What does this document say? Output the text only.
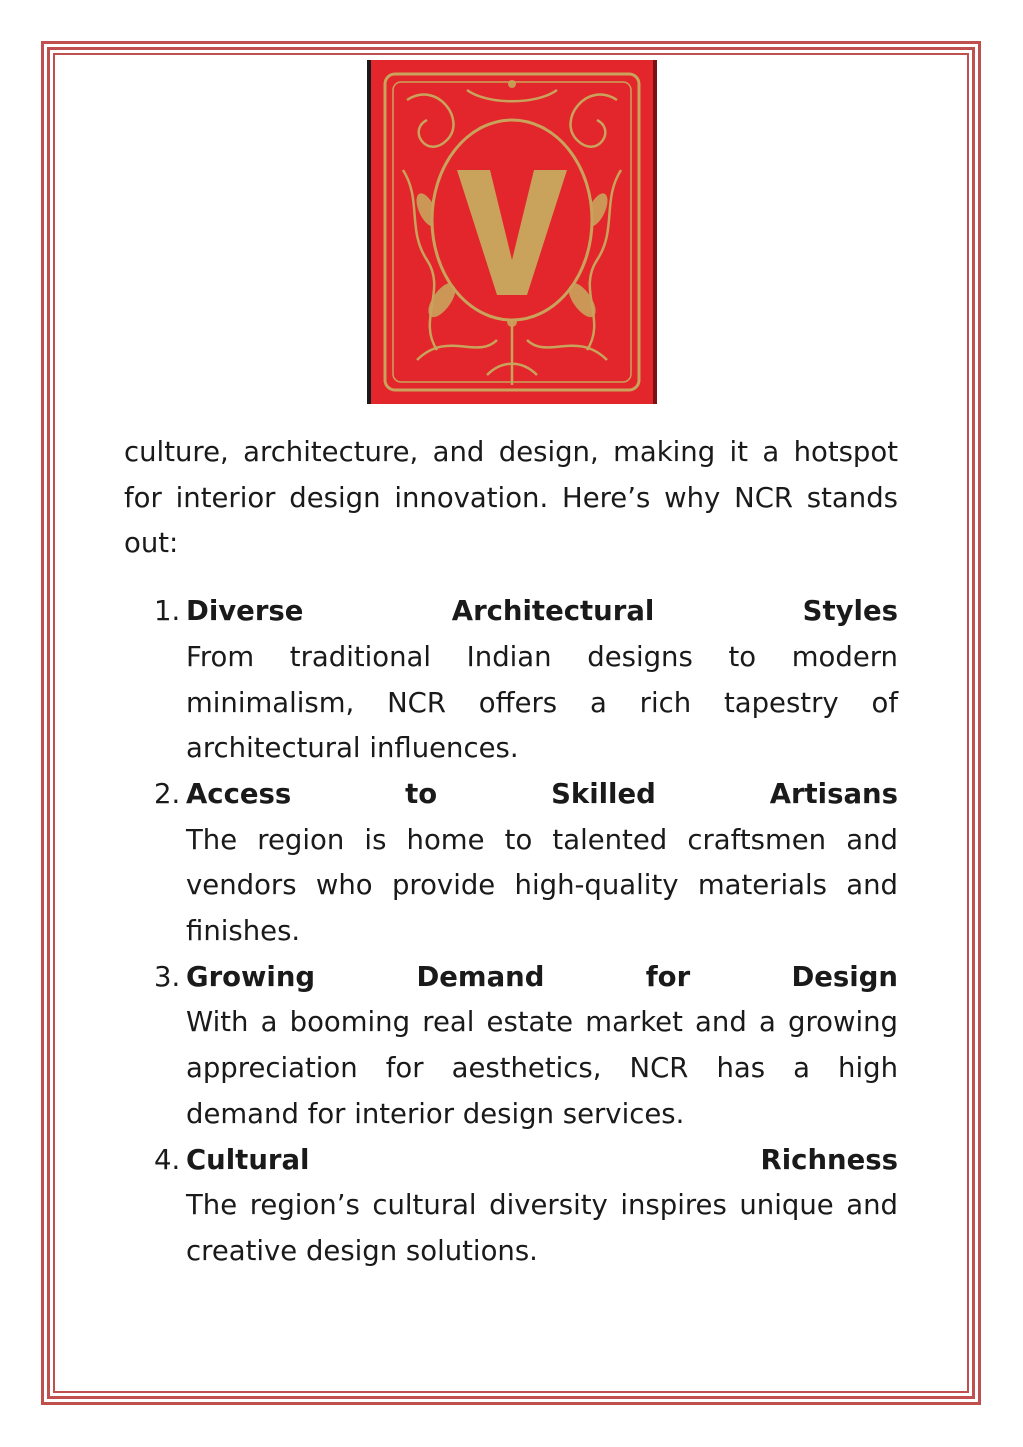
culture, architecture, and design, making it a hotspot for interior design innovation. Here’s why NCR stands out:

1. Diverse Architectural Styles
From traditional Indian designs to modern minimalism, NCR offers a rich tapestry of architectural influences.
2. Access to Skilled Artisans
The region is home to talented craftsmen and vendors who provide high-quality materials and finishes.
3. Growing Demand for Design
With a booming real estate market and a growing appreciation for aesthetics, NCR has a high demand for interior design services.
4. Cultural Richness
The region’s cultural diversity inspires unique and creative design solutions.
